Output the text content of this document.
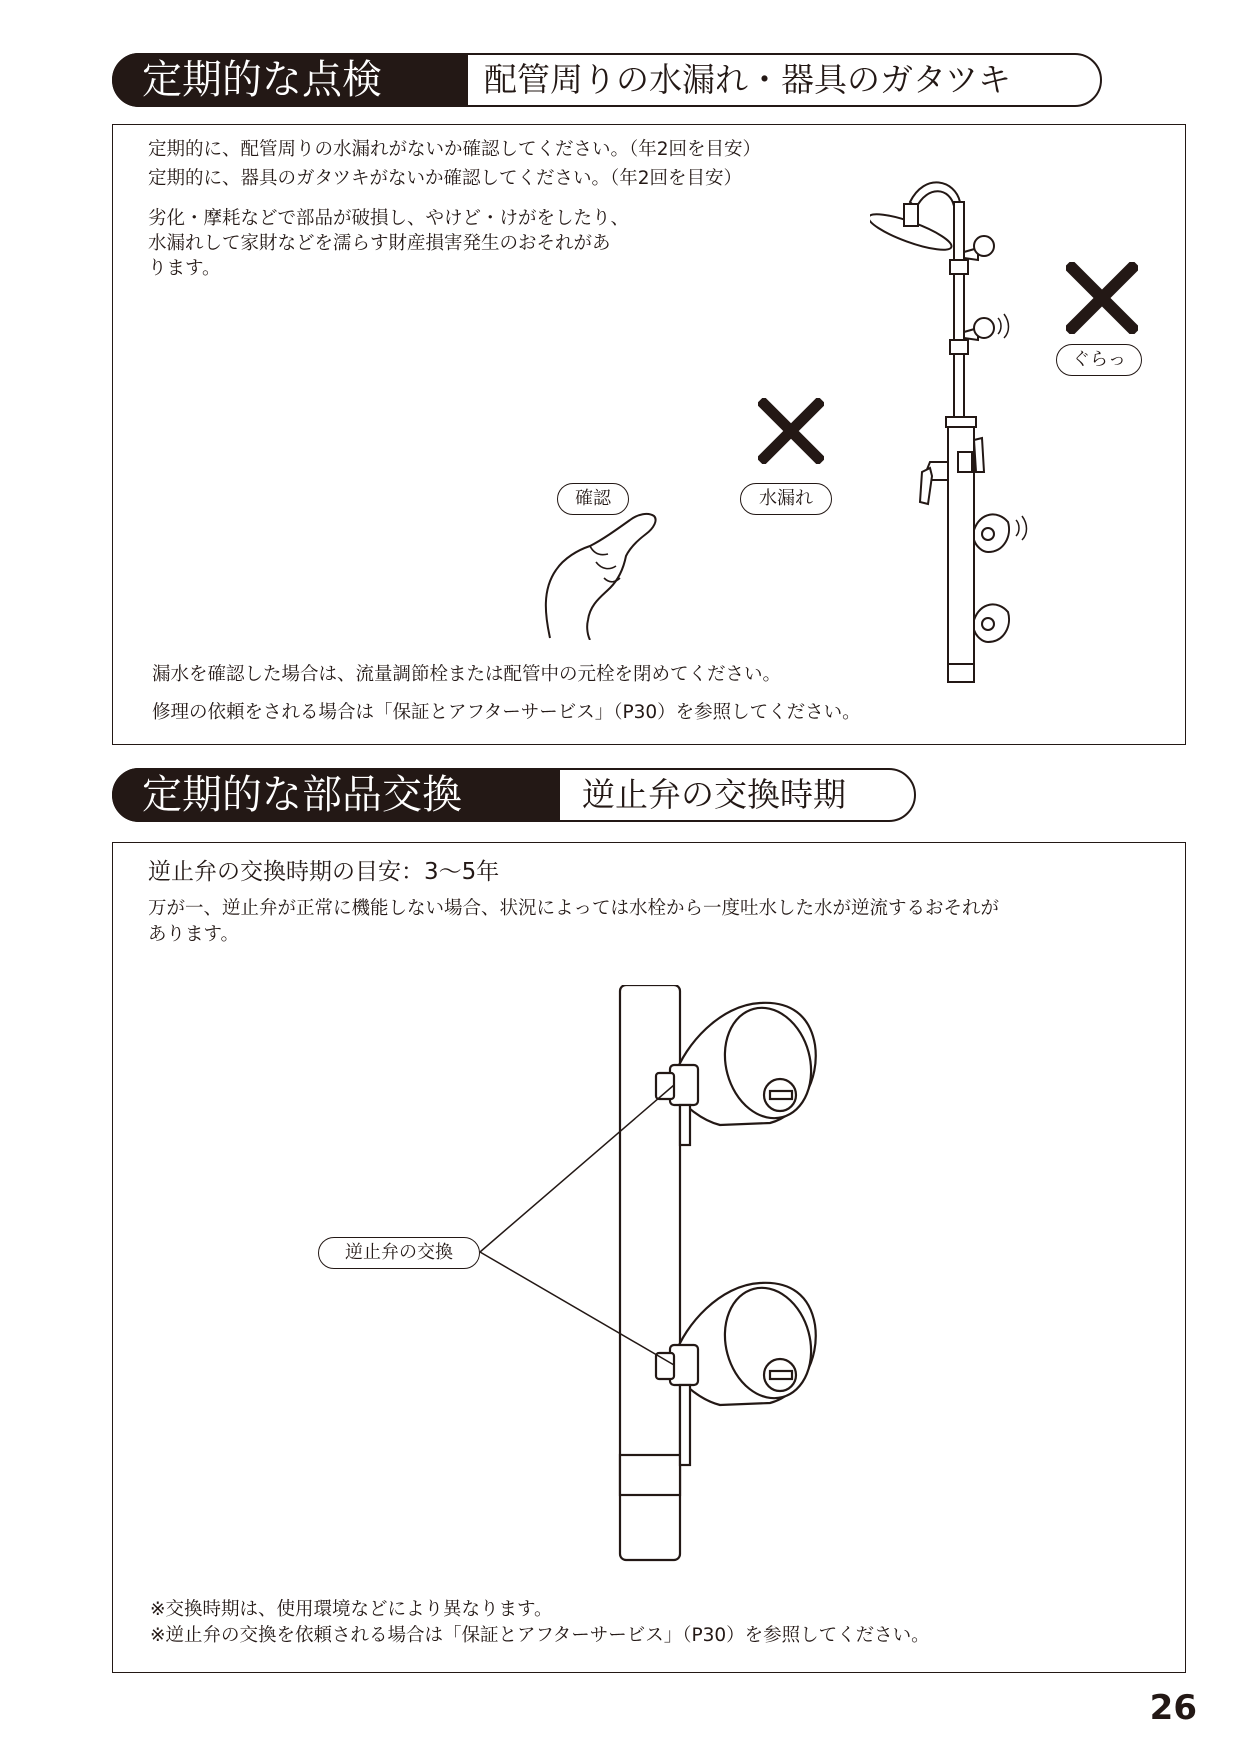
定期的な点検	配管周りの水漏れ・器具のガタツキ
定期的に、配管周りの水漏れがないか確認してください。（年2回を目安）
定期的に、器具のガタツキがないか確認してください。（年2回を目安）
劣化・摩耗などで部品が破損し、やけど・けがをしたり、
水漏れして家財などを濡らす財産損害発生のおそれがあ
ります。
確認	水漏れ
ぐらっ
漏水を確認した場合は、流量調節栓または配管中の元栓を閉めてください。
修理の依頼をされる場合は「保証とアフターサービス」（P30）を参照してください。
定期的な部品交換	逆止弁の交換時期
逆止弁の交換時期の目安：3〜5年
万が一、逆止弁が正常に機能しない場合、状況によっては水栓から一度吐水した水が逆流するおそれが
あります。
逆止弁の交換
※交換時期は、使用環境などにより異なります。
※逆止弁の交換を依頼される場合は「保証とアフターサービス」（P30）を参照してください。
26
